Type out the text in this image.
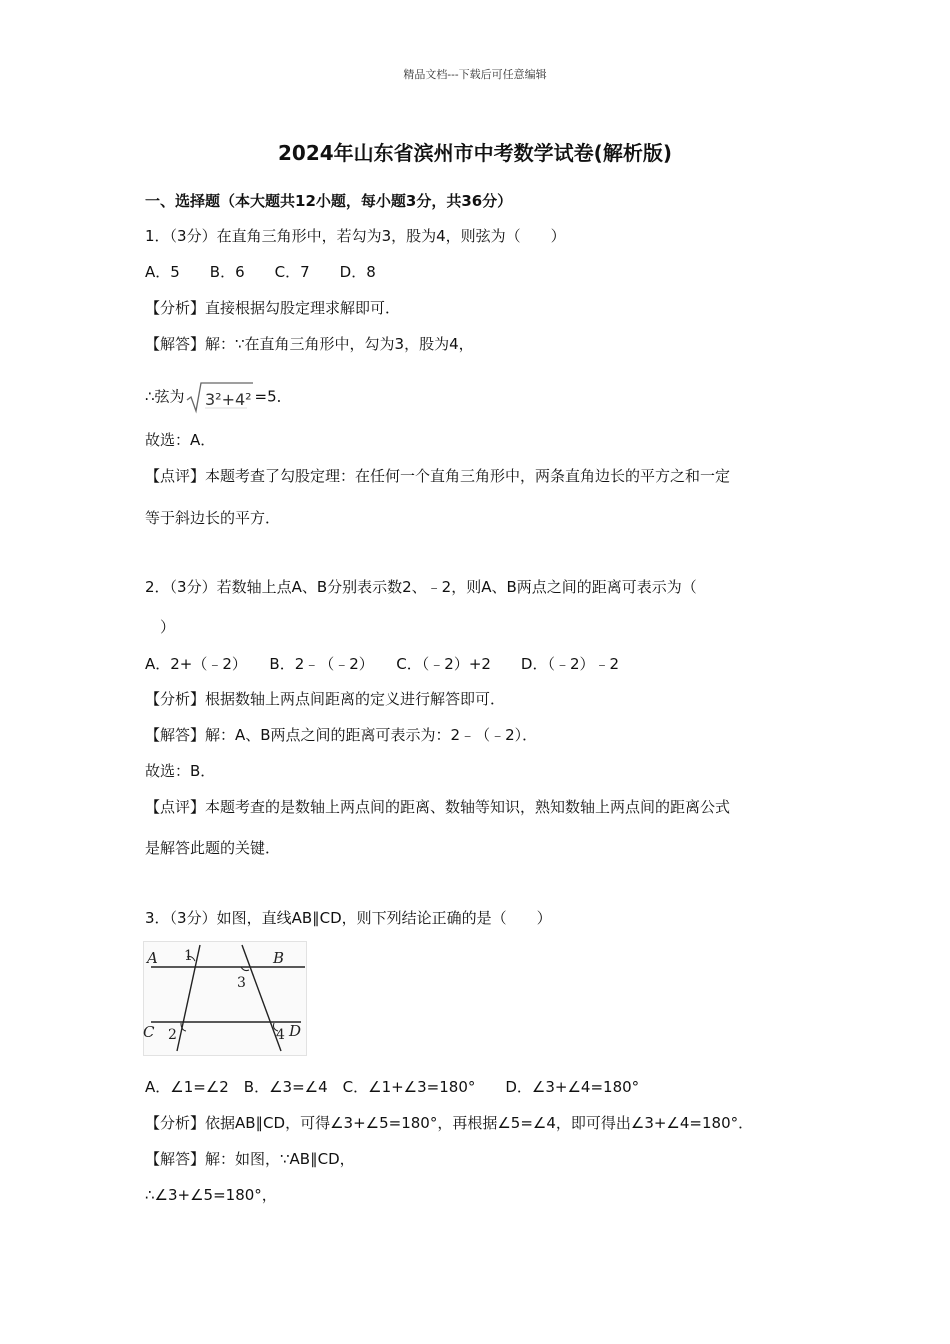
精品文档---下载后可任意编辑
2024年山东省滨州市中考数学试卷(解析版)
一、选择题（本大题共12小题，每小题3分，共36分）
1．（3分）在直角三角形中，若勾为3，股为4，则弦为（　　）
A．5　　B．6　　C．7　　D．8
【分析】直接根据勾股定理求解即可．
【解答】解：∵在直角三角形中，勾为3，股为4，
∴弦为 3²+4² =5．
故选：A．
【点评】本题考查了勾股定理：在任何一个直角三角形中，两条直角边长的平方之和一定
等于斜边长的平方．
2．（3分）若数轴上点A、B分别表示数2、﹣2，则A、B两点之间的距离可表示为（
）
A．2+（﹣2）　　B．2﹣（﹣2）　　C．（﹣2）+2　　D．（﹣2）﹣2
【分析】根据数轴上两点间距离的定义进行解答即可．
【解答】解：A、B两点之间的距离可表示为：2﹣（﹣2）．
故选：B．
【点评】本题考查的是数轴上两点间的距离、数轴等知识，熟知数轴上两点间的距离公式
是解答此题的关键．
3．（3分）如图，直线AB∥CD，则下列结论正确的是（　　）
A 1	B
3
C 2	4 D
A．∠1=∠2　B．∠3=∠4　C．∠1+∠3=180°　　D．∠3+∠4=180°
【分析】依据AB∥CD，可得∠3+∠5=180°，再根据∠5=∠4，即可得出∠3+∠4=180°．
【解答】解：如图，∵AB∥CD，
∴∠3+∠5=180°，
